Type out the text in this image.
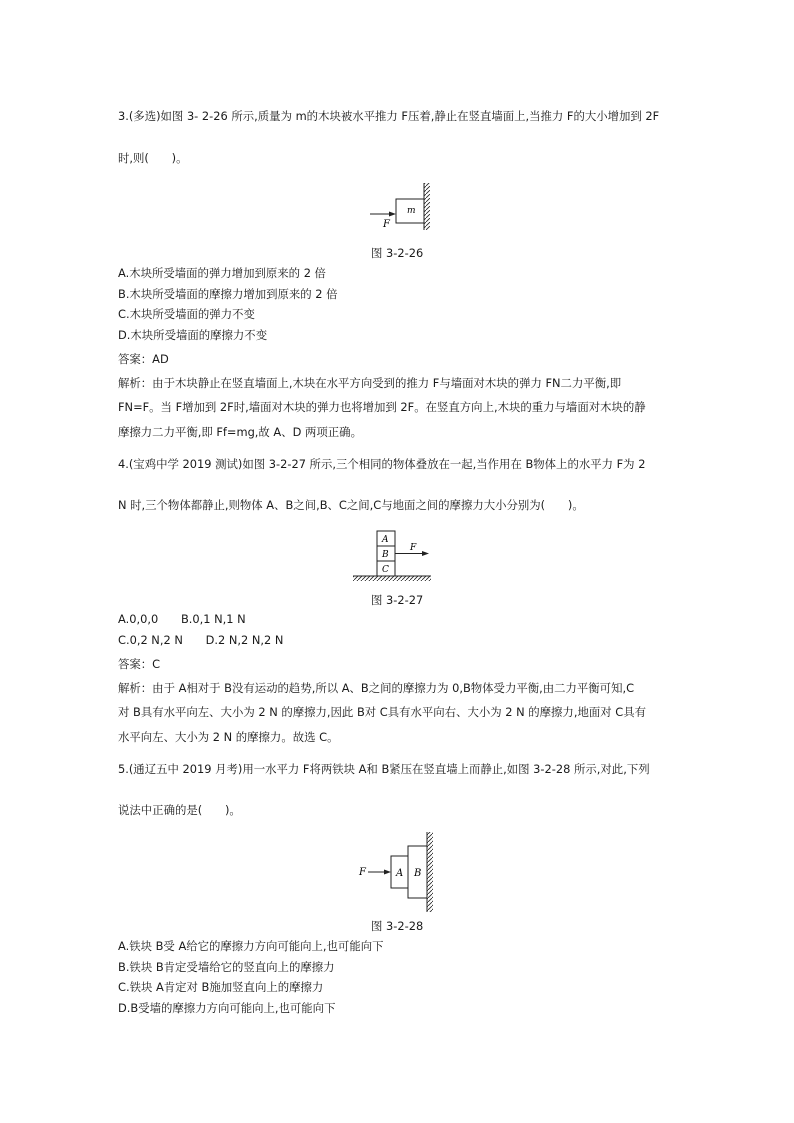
3.(多选)如图 3- 2-26 所示,质量为 m的木块被水平推力 F压着,静止在竖直墙面上,当推力 F的大小增加到 2F
时,则(　　)。
F
m
图 3-2-26
A.木块所受墙面的弹力增加到原来的 2 倍
B.木块所受墙面的摩擦力增加到原来的 2 倍
C.木块所受墙面的弹力不变
D.木块所受墙面的摩擦力不变
答案：AD
解析：由于木块静止在竖直墙面上,木块在水平方向受到的推力 F与墙面对木块的弹力 FN二力平衡,即
FN=F。当 F增加到 2F时,墙面对木块的弹力也将增加到 2F。在竖直方向上,木块的重力与墙面对木块的静
摩擦力二力平衡,即 Ff=mg,故 A、D 两项正确。
4.(宝鸡中学 2019 测试)如图 3-2-27 所示,三个相同的物体叠放在一起,当作用在 B物体上的水平力 F为 2
N 时,三个物体都静止,则物体 A、B之间,B、C之间,C与地面之间的摩擦力大小分别为(　　)。
A
B
C
F
图 3-2-27
A.0,0,0　　B.0,1 N,1 N
C.0,2 N,2 N　　D.2 N,2 N,2 N
答案：C
解析：由于 A相对于 B没有运动的趋势,所以 A、B之间的摩擦力为 0,B物体受力平衡,由二力平衡可知,C
对 B具有水平向左、大小为 2 N 的摩擦力,因此 B对 C具有水平向右、大小为 2 N 的摩擦力,地面对 C具有
水平向左、大小为 2 N 的摩擦力。故选 C。
5.(通辽五中 2019 月考)用一水平力 F将两铁块 A和 B紧压在竖直墙上而静止,如图 3-2-28 所示,对此,下列
说法中正确的是(　　)。
F	A B
图 3-2-28
A.铁块 B受 A给它的摩擦力方向可能向上,也可能向下
B.铁块 B肯定受墙给它的竖直向上的摩擦力
C.铁块 A肯定对 B施加竖直向上的摩擦力
D.B受墙的摩擦力方向可能向上,也可能向下
